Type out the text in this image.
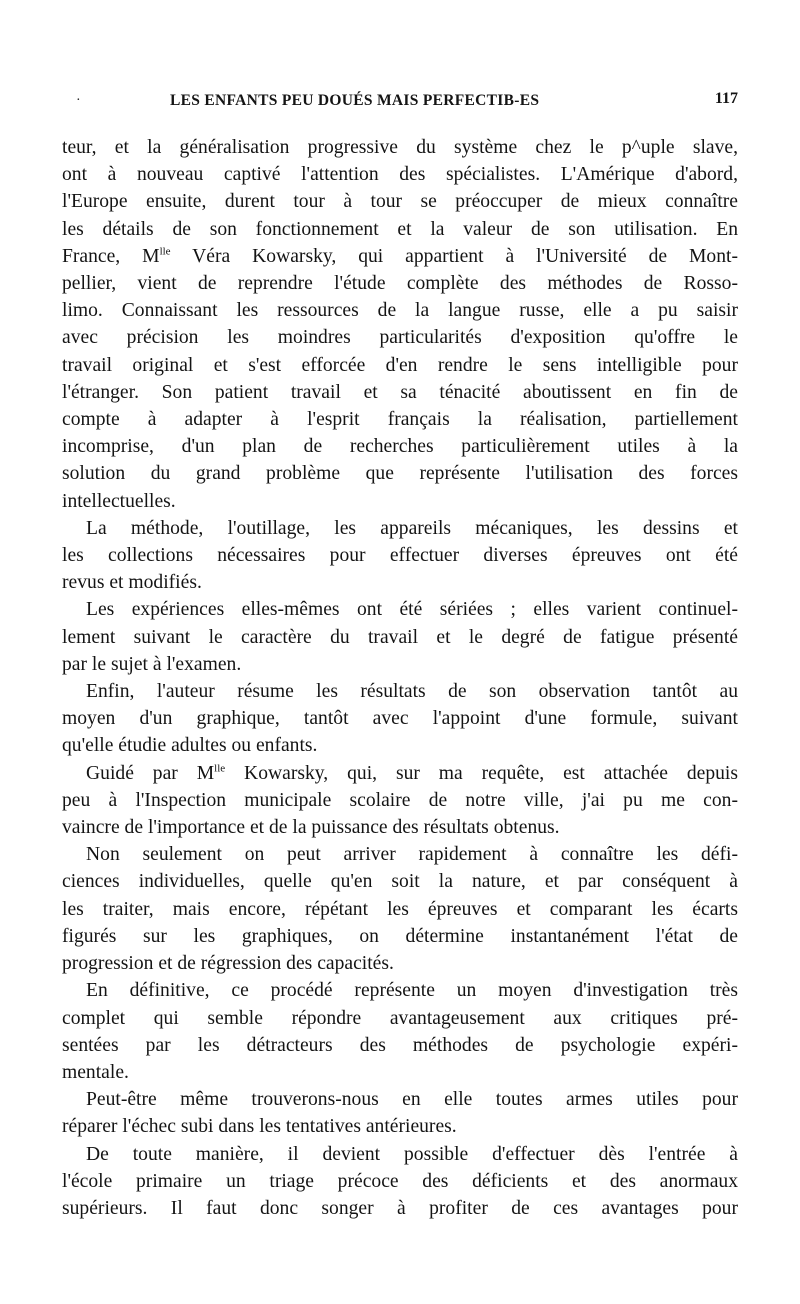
·	LES ENFANTS PEU DOUÉS MAIS PERFECTIB-ES	117

teur, et la généralisation progressive du système chez le p^uple slave,
ont à nouveau captivé l'attention des spécialistes. L'Amérique d'abord,
l'Europe ensuite, durent tour à tour se préoccuper de mieux connaître
les détails de son fonctionnement et la valeur de son utilisation. En
France, $M^{lle}$ Véra Kowarsky, qui appartient à l'Université de Mont-
pellier, vient de reprendre l'étude complète des méthodes de Rosso-
limo. Connaissant les ressources de la langue russe, elle a pu saisir
avec précision les moindres particularités d'exposition qu'offre le
travail original et s'est efforcée d'en rendre le sens intelligible pour
l'étranger. Son patient travail et sa ténacité aboutissent en fin de
compte à adapter à l'esprit français la réalisation, partiellement
incomprise, d'un plan de recherches particulièrement utiles à la
solution du grand problème que représente l'utilisation des forces
intellectuelles.

La méthode, l'outillage, les appareils mécaniques, les dessins et
les collections nécessaires pour effectuer diverses épreuves ont été
revus et modifiés.

Les expériences elles-mêmes ont été sériées ; elles varient continuel-
lement suivant le caractère du travail et le degré de fatigue présenté
par le sujet à l'examen.

Enfin, l'auteur résume les résultats de son observation tantôt au
moyen d'un graphique, tantôt avec l'appoint d'une formule, suivant
qu'elle étudie adultes ou enfants.

Guidé par $M^{lle}$ Kowarsky, qui, sur ma requête, est attachée depuis
peu à l'Inspection municipale scolaire de notre ville, j'ai pu me con-
vaincre de l'importance et de la puissance des résultats obtenus.

Non seulement on peut arriver rapidement à connaître les défi-
ciences individuelles, quelle qu'en soit la nature, et par conséquent à
les traiter, mais encore, répétant les épreuves et comparant les écarts
figurés sur les graphiques, on détermine instantanément l'état de
progression et de régression des capacités.

En définitive, ce procédé représente un moyen d'investigation très
complet qui semble répondre avantageusement aux critiques pré-
sentées par les détracteurs des méthodes de psychologie expéri-
mentale.

Peut-être même trouverons-nous en elle toutes armes utiles pour
réparer l'échec subi dans les tentatives antérieures.

De toute manière, il devient possible d'effectuer dès l'entrée à
l'école primaire un triage précoce des déficients et des anormaux
supérieurs. Il faut donc songer à profiter de ces avantages pour
